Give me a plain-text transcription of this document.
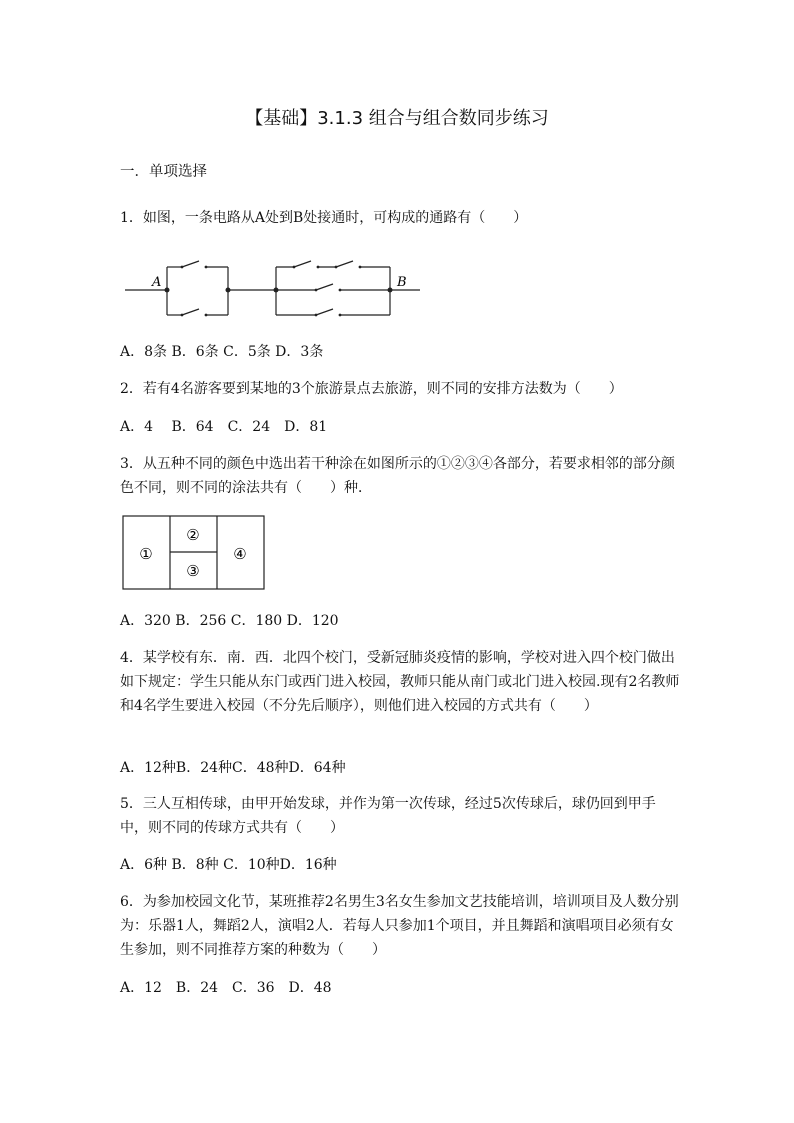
【基础】3.1.3 组合与组合数同步练习
一．单项选择
1．如图，一条电路从A处到B处接通时，可构成的通路有（　　）
A	B
A．8条 B．6条 C．5条 D．3条
2．若有4名游客要到某地的3个旅游景点去旅游，则不同的安排方法数为（　　）
A．4　 B．64　C．24　D．81
3．从五种不同的颜色中选出若干种涂在如图所示的①②③④各部分，若要求相邻的部分颜色不同，则不同的涂法共有（　　）种．
①
②
③
④
A．320 B．256 C．180 D．120
4．某学校有东．南．西．北四个校门，受新冠肺炎疫情的影响，学校对进入四个校门做出如下规定：学生只能从东门或西门进入校园，教师只能从南门或北门进入校园.现有2名教师和4名学生要进入校园（不分先后顺序），则他们进入校园的方式共有（　　）
A．12种B．24种C．48种D．64种
5．三人互相传球，由甲开始发球，并作为第一次传球，经过5次传球后，球仍回到甲手中，则不同的传球方式共有（　　）
A．6种 B．8种 C．10种D．16种
6．为参加校园文化节，某班推荐2名男生3名女生参加文艺技能培训，培训项目及人数分别为：乐器1人，舞蹈2人，演唱2人．若每人只参加1个项目，并且舞蹈和演唱项目必须有女生参加，则不同推荐方案的种数为（　　）
A．12　B．24　C．36　D．48
